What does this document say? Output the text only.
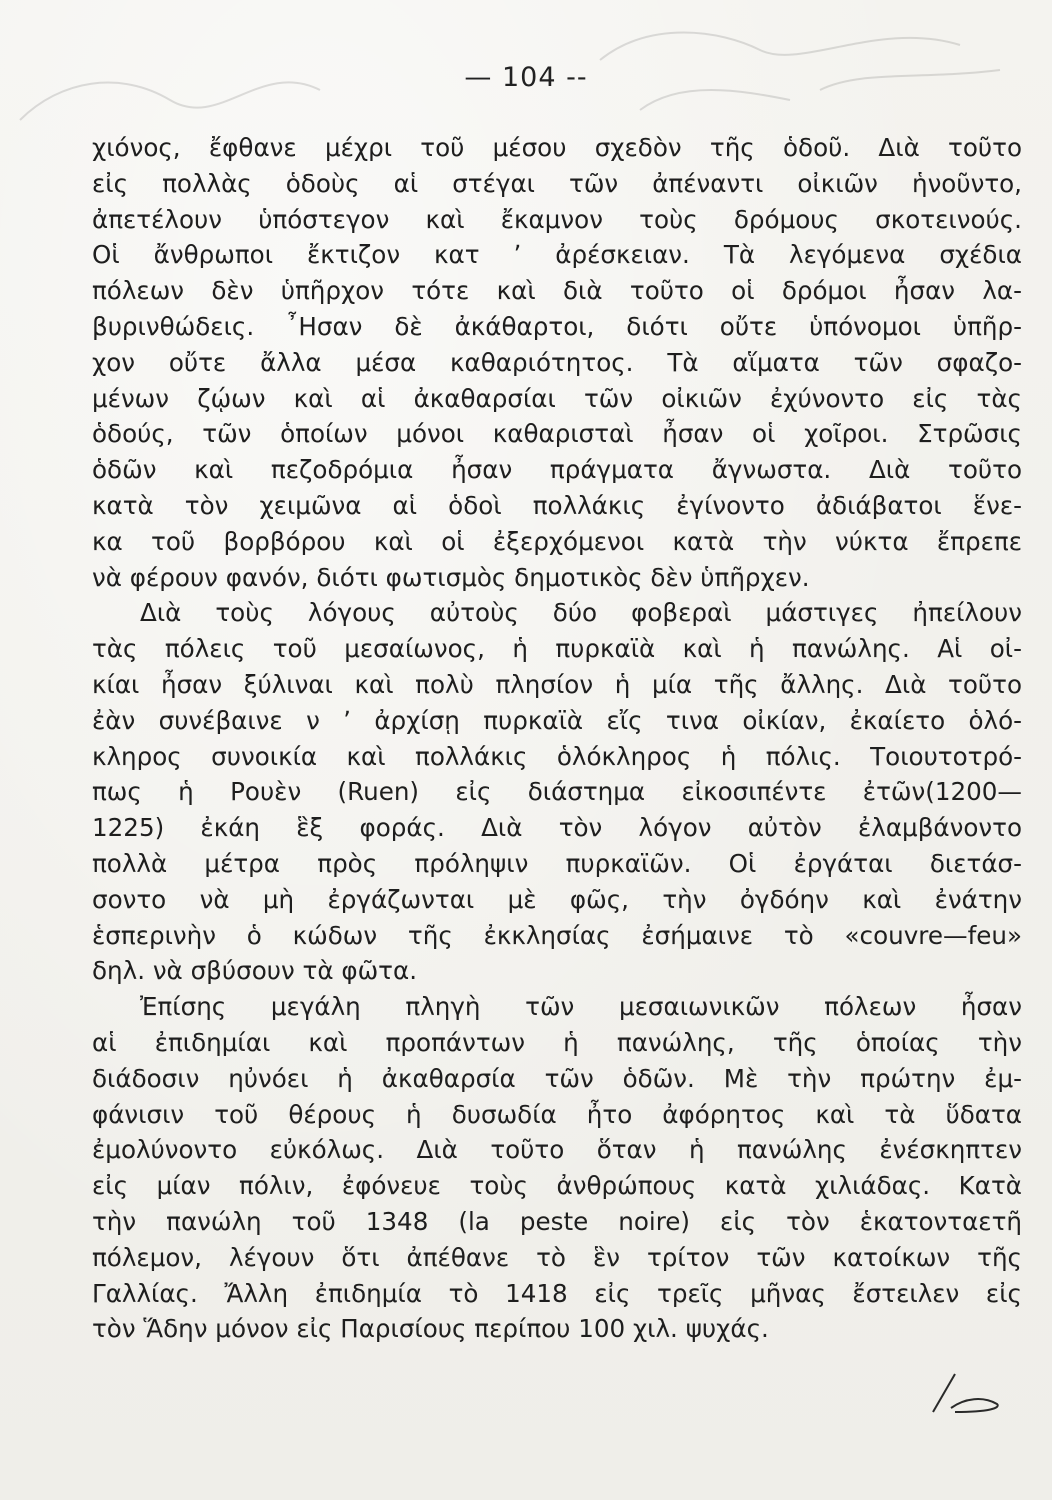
— 104 --
χιόνος, ἔφθανε μέχρι τοῦ μέσου σχεδὸν τῆς ὁδοῦ. Διὰ τοῦτο
εἰς πολλὰς ὁδοὺς αἱ στέγαι τῶν ἀπέναντι οἰκιῶν ἡνοῦντο,
ἀπετέλουν ὑπόστεγον καὶ ἔκαμνον τοὺς δρόμους σκοτεινούς.
Οἱ ἄνθρωποι ἔκτιζον κατ ʼ ἀρέσκειαν. Τὰ λεγόμενα σχέδια
πόλεων δὲν ὑπῆρχον τότε καὶ διὰ τοῦτο οἱ δρόμοι ἦσαν λα-
βυρινθώδεις. ῏Ησαν δὲ ἀκάθαρτοι, διότι οὔτε ὑπόνομοι ὑπῆρ-
χον οὔτε ἄλλα μέσα καθαριότητος. Τὰ αἵματα τῶν σφαζο-
μένων ζῴων καὶ αἱ ἀκαθαρσίαι τῶν οἰκιῶν ἐχύνοντο εἰς τὰς
ὁδούς, τῶν ὁποίων μόνοι καθαρισταὶ ἦσαν οἱ χοῖροι. Στρῶσις
ὁδῶν καὶ πεζοδρόμια ἦσαν πράγματα ἄγνωστα. Διὰ τοῦτο
κατὰ τὸν χειμῶνα αἱ ὁδοὶ πολλάκις ἐγίνοντο ἀδιάβατοι ἕνε-
κα τοῦ βορβόρου καὶ οἱ ἐξερχόμενοι κατὰ τὴν νύκτα ἔπρεπε
νὰ φέρουν φανόν, διότι φωτισμὸς δημοτικὸς δὲν ὑπῆρχεν.
Διὰ τοὺς λόγους αὐτοὺς δύο φοβεραὶ μάστιγες ἠπείλουν
τὰς πόλεις τοῦ μεσαίωνος, ἡ πυρκαϊὰ καὶ ἡ πανώλης. Αἱ οἰ-
κίαι ἦσαν ξύλιναι καὶ πολὺ πλησίον ἡ μία τῆς ἄλλης. Διὰ τοῦτο
ἐὰν συνέβαινε ν ʼ ἀρχίσῃ πυρκαϊὰ εἴς τινα οἰκίαν, ἐκαίετο ὁλό-
κληρος συνοικία καὶ πολλάκις ὁλόκληρος ἡ πόλις. Τοιουτοτρό-
πως ἡ Ρουὲν (Ruen) εἰς διάστημα εἰκοσιπέντε ἐτῶν(1200—
1225) ἐκάη ἓξ φοράς. Διὰ τὸν λόγον αὐτὸν ἐλαμβάνοντο
πολλὰ μέτρα πρὸς πρόληψιν πυρκαϊῶν. Οἱ ἐργάται διετάσ-
σοντο νὰ μὴ ἐργάζωνται μὲ φῶς, τὴν ὀγδόην καὶ ἐνάτην
ἑσπερινὴν ὁ κώδων τῆς ἐκκλησίας ἐσήμαινε τὸ «couvre—feu»
δηλ. νὰ σβύσουν τὰ φῶτα.
Ἐπίσης μεγάλη πληγὴ τῶν μεσαιωνικῶν πόλεων ἦσαν
αἱ ἐπιδημίαι καὶ προπάντων ἡ πανώλης, τῆς ὁποίας τὴν
διάδοσιν ηὐνόει ἡ ἀκαθαρσία τῶν ὁδῶν. Μὲ τὴν πρώτην ἐμ-
φάνισιν τοῦ θέρους ἡ δυσωδία ἦτο ἀφόρητος καὶ τὰ ὕδατα
ἐμολύνοντο εὐκόλως. Διὰ τοῦτο ὅταν ἡ πανώλης ἐνέσκηπτεν
εἰς μίαν πόλιν, ἐφόνευε τοὺς ἀνθρώπους κατὰ χιλιάδας. Κατὰ
τὴν πανώλη τοῦ 1348 (la peste noire) εἰς τὸν ἑκατονταετῆ
πόλεμον, λέγουν ὅτι ἀπέθανε τὸ ἓν τρίτον τῶν κατοίκων τῆς
Γαλλίας. Ἄλλη ἐπιδημία τὸ 1418 εἰς τρεῖς μῆνας ἔστειλεν εἰς
τὸν Ἅδην μόνον εἰς Παρισίους περίπου 100 χιλ. ψυχάς.
